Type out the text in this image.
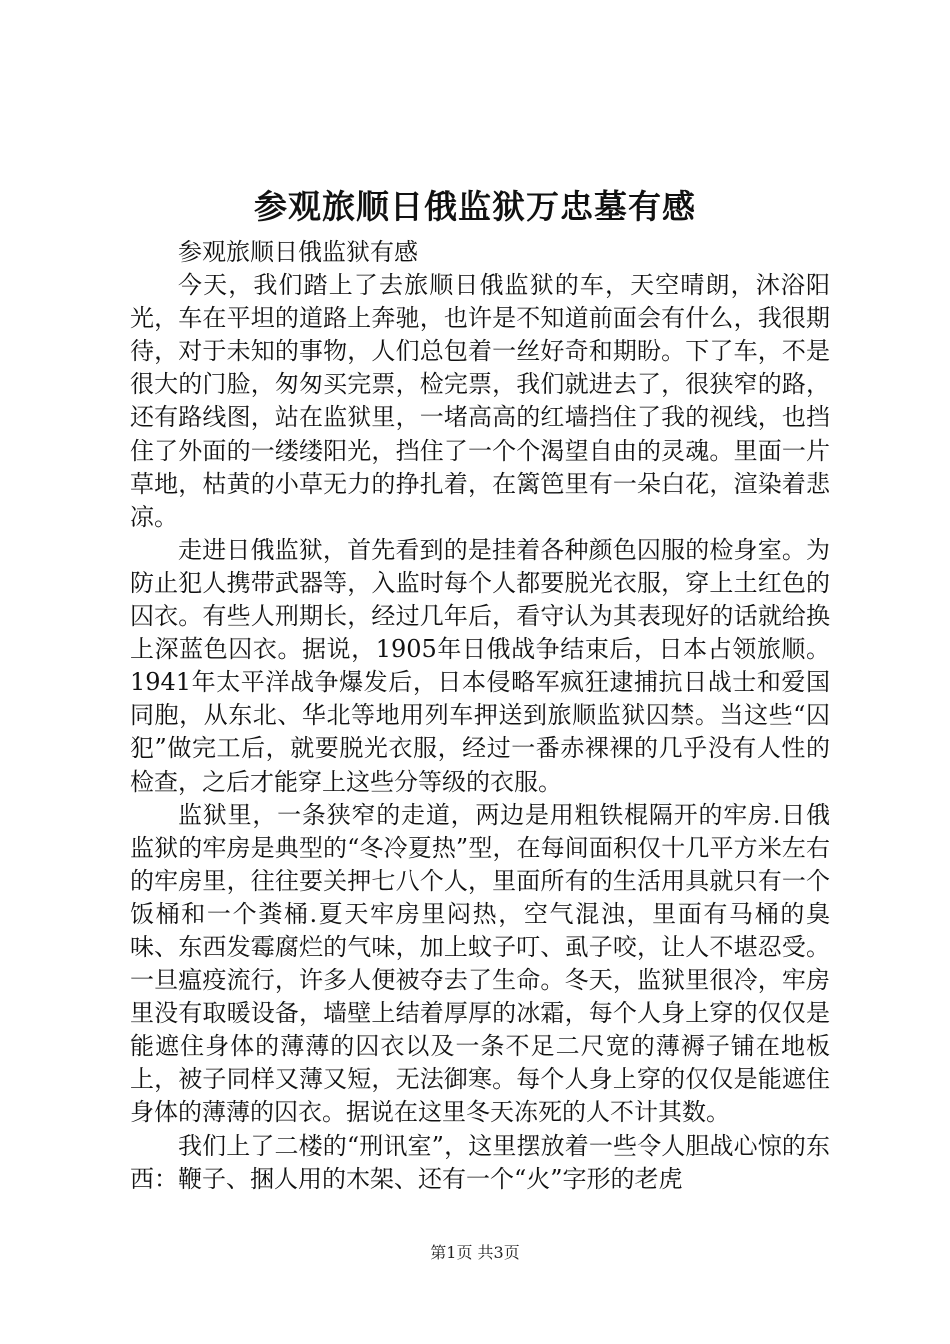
参观旅顺日俄监狱万忠墓有感

参观旅顺日俄监狱有感

今天，我们踏上了去旅顺日俄监狱的车，天空晴朗，沐浴阳光，车在平坦的道路上奔驰，也许是不知道前面会有什么，我很期待，对于未知的事物，人们总包着一丝好奇和期盼。下了车，不是很大的门脸，匆匆买完票，检完票，我们就进去了，很狭窄的路，还有路线图，站在监狱里，一堵高高的红墙挡住了我的视线，也挡住了外面的一缕缕阳光，挡住了一个个渴望自由的灵魂。里面一片草地，枯黄的小草无力的挣扎着，在篱笆里有一朵白花，渲染着悲凉。

走进日俄监狱，首先看到的是挂着各种颜色囚服的检身室。为防止犯人携带武器等，入监时每个人都要脱光衣服，穿上土红色的囚衣。有些人刑期长，经过几年后，看守认为其表现好的话就给换上深蓝色囚衣。据说，1905年日俄战争结束后，日本占领旅顺。1941年太平洋战争爆发后，日本侵略军疯狂逮捕抗日战士和爱国同胞，从东北、华北等地用列车押送到旅顺监狱囚禁。当这些“囚犯”做完工后，就要脱光衣服，经过一番赤裸裸的几乎没有人性的检查，之后才能穿上这些分等级的衣服。

监狱里，一条狭窄的走道，两边是用粗铁棍隔开的牢房.日俄监狱的牢房是典型的“冬冷夏热”型，在每间面积仅十几平方米左右的牢房里，往往要关押七八个人，里面所有的生活用具就只有一个饭桶和一个粪桶.夏天牢房里闷热，空气混浊，里面有马桶的臭味、东西发霉腐烂的气味，加上蚊子叮、虱子咬，让人不堪忍受。一旦瘟疫流行，许多人便被夺去了生命。冬天，监狱里很冷，牢房里没有取暖设备，墙壁上结着厚厚的冰霜，每个人身上穿的仅仅是能遮住身体的薄薄的囚衣以及一条不足二尺宽的薄褥子铺在地板上，被子同样又薄又短，无法御寒。每个人身上穿的仅仅是能遮住身体的薄薄的囚衣。据说在这里冬天冻死的人不计其数。

我们上了二楼的“刑讯室”，这里摆放着一些令人胆战心惊的东西：鞭子、捆人用的木架、还有一个“火”字形的老虎

第1页 共3页
